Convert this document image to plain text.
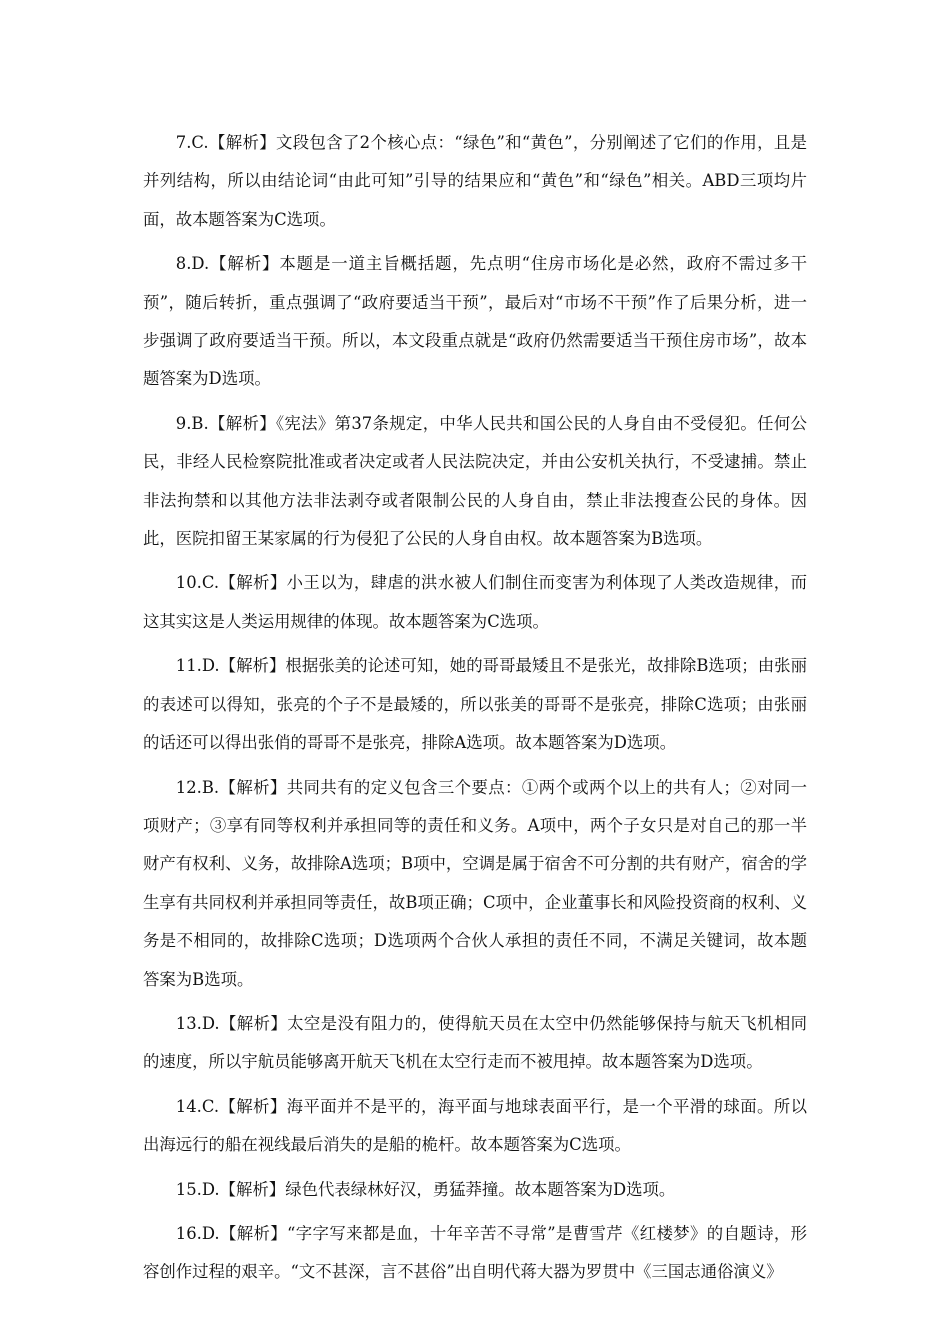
7.C.【解析】文段包含了2个核心点：“绿色”和“黄色”，分别阐述了它们的作用，且是并列结构，所以由结论词“由此可知”引导的结果应和“黄色”和“绿色”相关。ABD三项均片面，故本题答案为C选项。

8.D.【解析】本题是一道主旨概括题，先点明“住房市场化是必然，政府不需过多干预”，随后转折，重点强调了“政府要适当干预”，最后对“市场不干预”作了后果分析，进一步强调了政府要适当干预。所以，本文段重点就是“政府仍然需要适当干预住房市场”，故本题答案为D选项。

9.B.【解析】《宪法》第37条规定，中华人民共和国公民的人身自由不受侵犯。任何公民，非经人民检察院批准或者决定或者人民法院决定，并由公安机关执行，不受逮捕。禁止非法拘禁和以其他方法非法剥夺或者限制公民的人身自由，禁止非法搜查公民的身体。因此，医院扣留王某家属的行为侵犯了公民的人身自由权。故本题答案为B选项。

10.C.【解析】小王以为，肆虐的洪水被人们制住而变害为利体现了人类改造规律，而这其实这是人类运用规律的体现。故本题答案为C选项。

11.D.【解析】根据张美的论述可知，她的哥哥最矮且不是张光，故排除B选项；由张丽的表述可以得知，张亮的个子不是最矮的，所以张美的哥哥不是张亮，排除C选项；由张丽的话还可以得出张俏的哥哥不是张亮，排除A选项。故本题答案为D选项。

12.B.【解析】共同共有的定义包含三个要点：①两个或两个以上的共有人；②对同一项财产；③享有同等权利并承担同等的责任和义务。A项中，两个子女只是对自己的那一半财产有权利、义务，故排除A选项；B项中，空调是属于宿舍不可分割的共有财产，宿舍的学生享有共同权利并承担同等责任，故B项正确；C项中，企业董事长和风险投资商的权利、义务是不相同的，故排除C选项；D选项两个合伙人承担的责任不同，不满足关键词，故本题答案为B选项。

13.D.【解析】太空是没有阻力的，使得航天员在太空中仍然能够保持与航天飞机相同的速度，所以宇航员能够离开航天飞机在太空行走而不被甩掉。故本题答案为D选项。

14.C.【解析】海平面并不是平的，海平面与地球表面平行，是一个平滑的球面。所以出海远行的船在视线最后消失的是船的桅杆。故本题答案为C选项。

15.D.【解析】绿色代表绿林好汉，勇猛莽撞。故本题答案为D选项。

16.D.【解析】“字字写来都是血，十年辛苦不寻常”是曹雪芹《红楼梦》的自题诗，形容创作过程的艰辛。“文不甚深，言不甚俗”出自明代蒋大器为罗贯中《三国志通俗演义》
